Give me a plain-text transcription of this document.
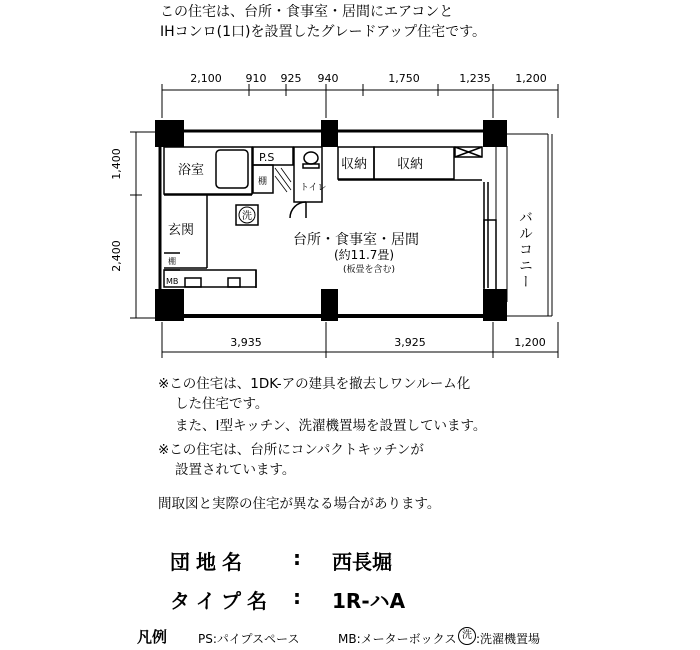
この住宅は、台所・食事室・居間にエアコンと
IHコンロ(1口)を設置したグレードアップ住宅です。
2,100 910 925 940	1,750	1,235 1,200
1,400
2,400
3,935	3,925	1,200
バルコニー
浴室
P.S
棚
トイレ
収納 収納
玄関
洗
棚
MB
台所・食事室・居間
(約11.7畳)
(板畳を含む)
※この住宅は、1DK-アの建具を撤去しワンルーム化
した住宅です。
また、I型キッチン、洗濯機置場を設置しています。
※この住宅は、台所にコンパクトキッチンが
設置されています。
間取図と実際の住宅が異なる場合があります。
団地名 : 西長堀
タイプ名 : 1R-ハA
凡例	PS:パイプスペース	MB:メーターボックス 洗 :洗濯機置場
